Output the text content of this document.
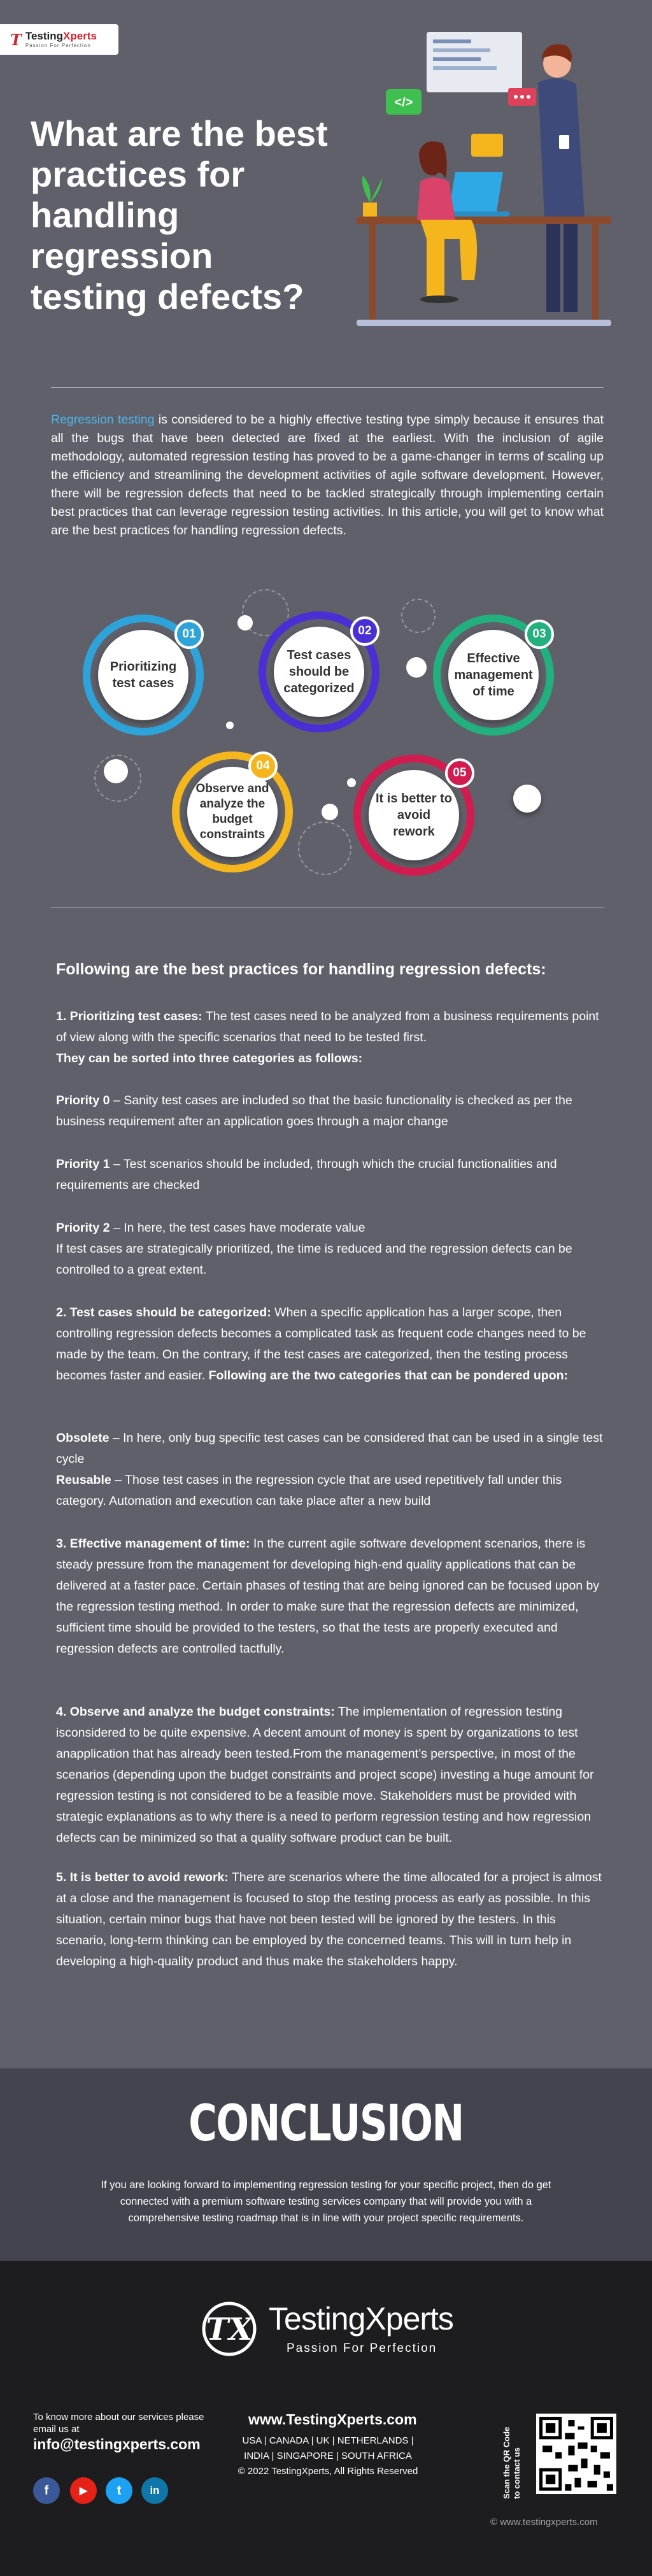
T TestingXperts
Passion For Perfection
What are the best practices for handling regression testing defects?
</>

Regression testing is considered to be a highly effective testing type simply because it ensures that all the bugs that have been detected are fixed at the earliest. With the inclusion of agile methodology, automated regression testing has proved to be a game-changer in terms of scaling up the efficiency and streamlining the development activities of agile software development. However, there will be regression defects that need to be tackled strategically through implementing certain best practices that can leverage regression testing activities. In this article, you will get to know what are the best practices for handling regression defects.

Prioritizing test cases
01
Test cases should be categorized
02
Effective management of time
03
Observe and analyze the budget constraints
04
It is better to avoid rework
05
Following are the best practices for handling regression defects:

1. Prioritizing test cases: The test cases need to be analyzed from a business requirements point of view along with the specific scenarios that need to be tested first.
They can be sorted into three categories as follows:

Priority 0 – Sanity test cases are included so that the basic functionality is checked as per the business requirement after an application goes through a major change

Priority 1 – Test scenarios should be included, through which the crucial functionalities and requirements are checked

Priority 2 – In here, the test cases have moderate value
If test cases are strategically prioritized, the time is reduced and the regression defects can be controlled to a great extent.

2. Test cases should be categorized: When a specific application has a larger scope, then controlling regression defects becomes a complicated task as frequent code changes need to be made by the team. On the contrary, if the test cases are categorized, then the testing process becomes faster and easier. Following are the two categories that can be pondered upon:

Obsolete – In here, only bug specific test cases can be considered that can be used in a single test cycle
Reusable – Those test cases in the regression cycle that are used repetitively fall under this category. Automation and execution can take place after a new build

3. Effective management of time: In the current agile software development scenarios, there is steady pressure from the management for developing high-end quality applications that can be delivered at a faster pace. Certain phases of testing that are being ignored can be focused upon by the regression testing method. In order to make sure that the regression defects are minimized, sufficient time should be provided to the testers, so that the tests are properly executed and regression defects are controlled tactfully.

4. Observe and analyze the budget constraints: The implementation of regression testing isconsidered to be quite expensive. A decent amount of money is spent by organizations to test anapplication that has already been tested.From the management’s perspective, in most of the scenarios (depending upon the budget constraints and project scope) investing a huge amount for regression testing is not considered to be a feasible move. Stakeholders must be provided with strategic explanations as to why there is a need to perform regression testing and how regression defects can be minimized so that a quality software product can be built.

5. It is better to avoid rework: There are scenarios where the time allocated for a project is almost at a close and the management is focused to stop the testing process as early as possible. In this situation, certain minor bugs that have not been tested will be ignored by the testers. In this scenario, long-term thinking can be employed by the concerned teams. This will in turn help in developing a high-quality product and thus make the stakeholders happy.

CONCLUSION

If you are looking forward to implementing regression testing for your specific project, then do get connected with a premium software testing services company that will provide you with a comprehensive testing roadmap that is in line with your project specific requirements.

TX TestingXperts

Passion For Perfection

To know more about our services please email us at

info@testingxperts.com

f	▶	t	in

www.TestingXperts.com

USA | CANADA | UK | NETHERLANDS |

INDIA | SINGAPORE | SOUTH AFRICA

© 2022 TestingXperts, All Rights Reserved	Scan the QR Code to contact us

© www.testingxperts.com
